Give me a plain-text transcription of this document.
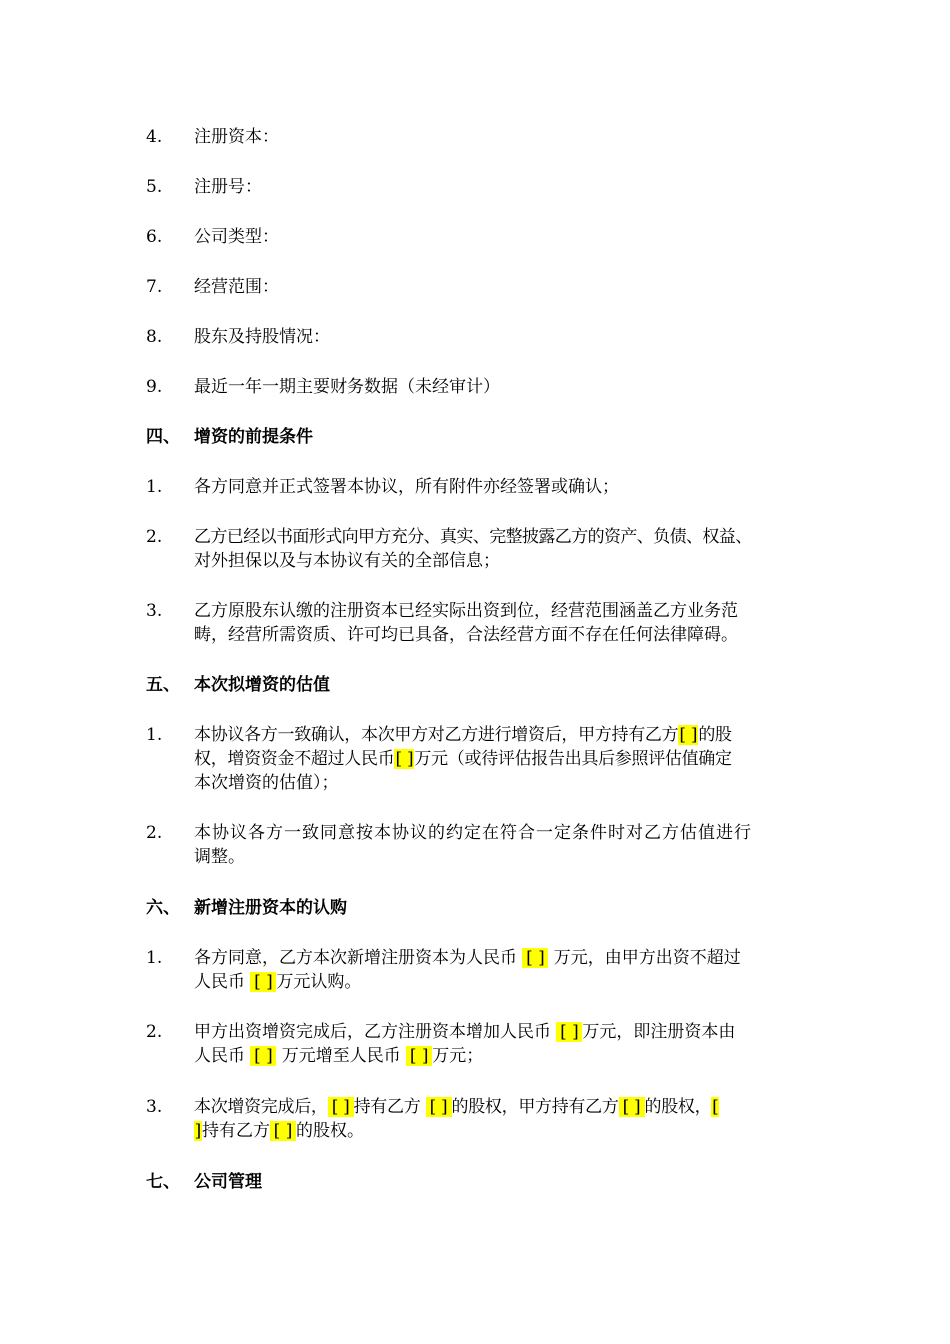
4. 注册资本：
5. 注册号：
6. 公司类型：
7. 经营范围：
8. 股东及持股情况：
9. 最近一年一期主要财务数据（未经审计）
四、 增资的前提条件
1. 各方同意并正式签署本协议，所有附件亦经签署或确认；
2. 乙方已经以书面形式向甲方充分、真实、完整披露乙方的资产、负债、权益、
对外担保以及与本协议有关的全部信息；
3. 乙方原股东认缴的注册资本已经实际出资到位，经营范围涵盖乙方业务范
畴，经营所需资质、许可均已具备，合法经营方面不存在任何法律障碍。
五、 本次拟增资的估值
1. 本协议各方一致确认，本次甲方对乙方进行增资后，甲方持有乙方[ ]的股
权，增资资金不超过人民币[ ]万元（或待评估报告出具后参照评估值确定
本次增资的估值）；
2. 本协议各方一致同意按本协议的约定在符合一定条件时对乙方估值进行
调整。
六、 新增注册资本的认购
1. 各方同意，乙方本次新增注册资本为人民币 [ ] 万元，由甲方出资不超过
人民币 [ ] 万元认购。
2. 甲方出资增资完成后，乙方注册资本增加人民币 [ ] 万元，即注册资本由
人民币 [ ] 万元增至人民币 [ ] 万元；
3. 本次增资完成后， [ ] 持有乙方 [ ] 的股权，甲方持有乙方 [ ] 的股权，[
]持有乙方 [ ] 的股权。
七、 公司管理
